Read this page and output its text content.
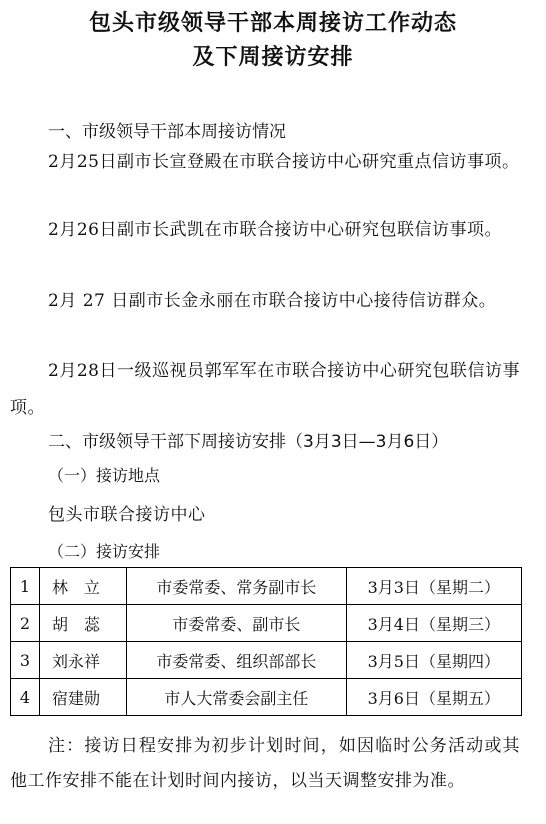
包头市级领导干部本周接访工作动态
及下周接访安排
一、市级领导干部本周接访情况
2月25日副市长宣登殿在市联合接访中心研究重点信访事项。
2月26日副市长武凯在市联合接访中心研究包联信访事项。
2月 27 日副市长金永丽在市联合接访中心接待信访群众。
2月28日一级巡视员郭军军在市联合接访中心研究包联信访事项。
二、市级领导干部下周接访安排（3月3日—3月6日）
（一）接访地点
包头市联合接访中心
（二）接访安排
1	林　立	市委常委、常务副市长	3月3日（星期二）
2	胡　蕊	市委常委、副市长	3月4日（星期三）
3	刘永祥	市委常委、组织部部长	3月5日（星期四）
4	宿建勋	市人大常委会副主任	3月6日（星期五）
注：接访日程安排为初步计划时间，如因临时公务活动或其他工作安排不能在计划时间内接访，以当天调整安排为准。
